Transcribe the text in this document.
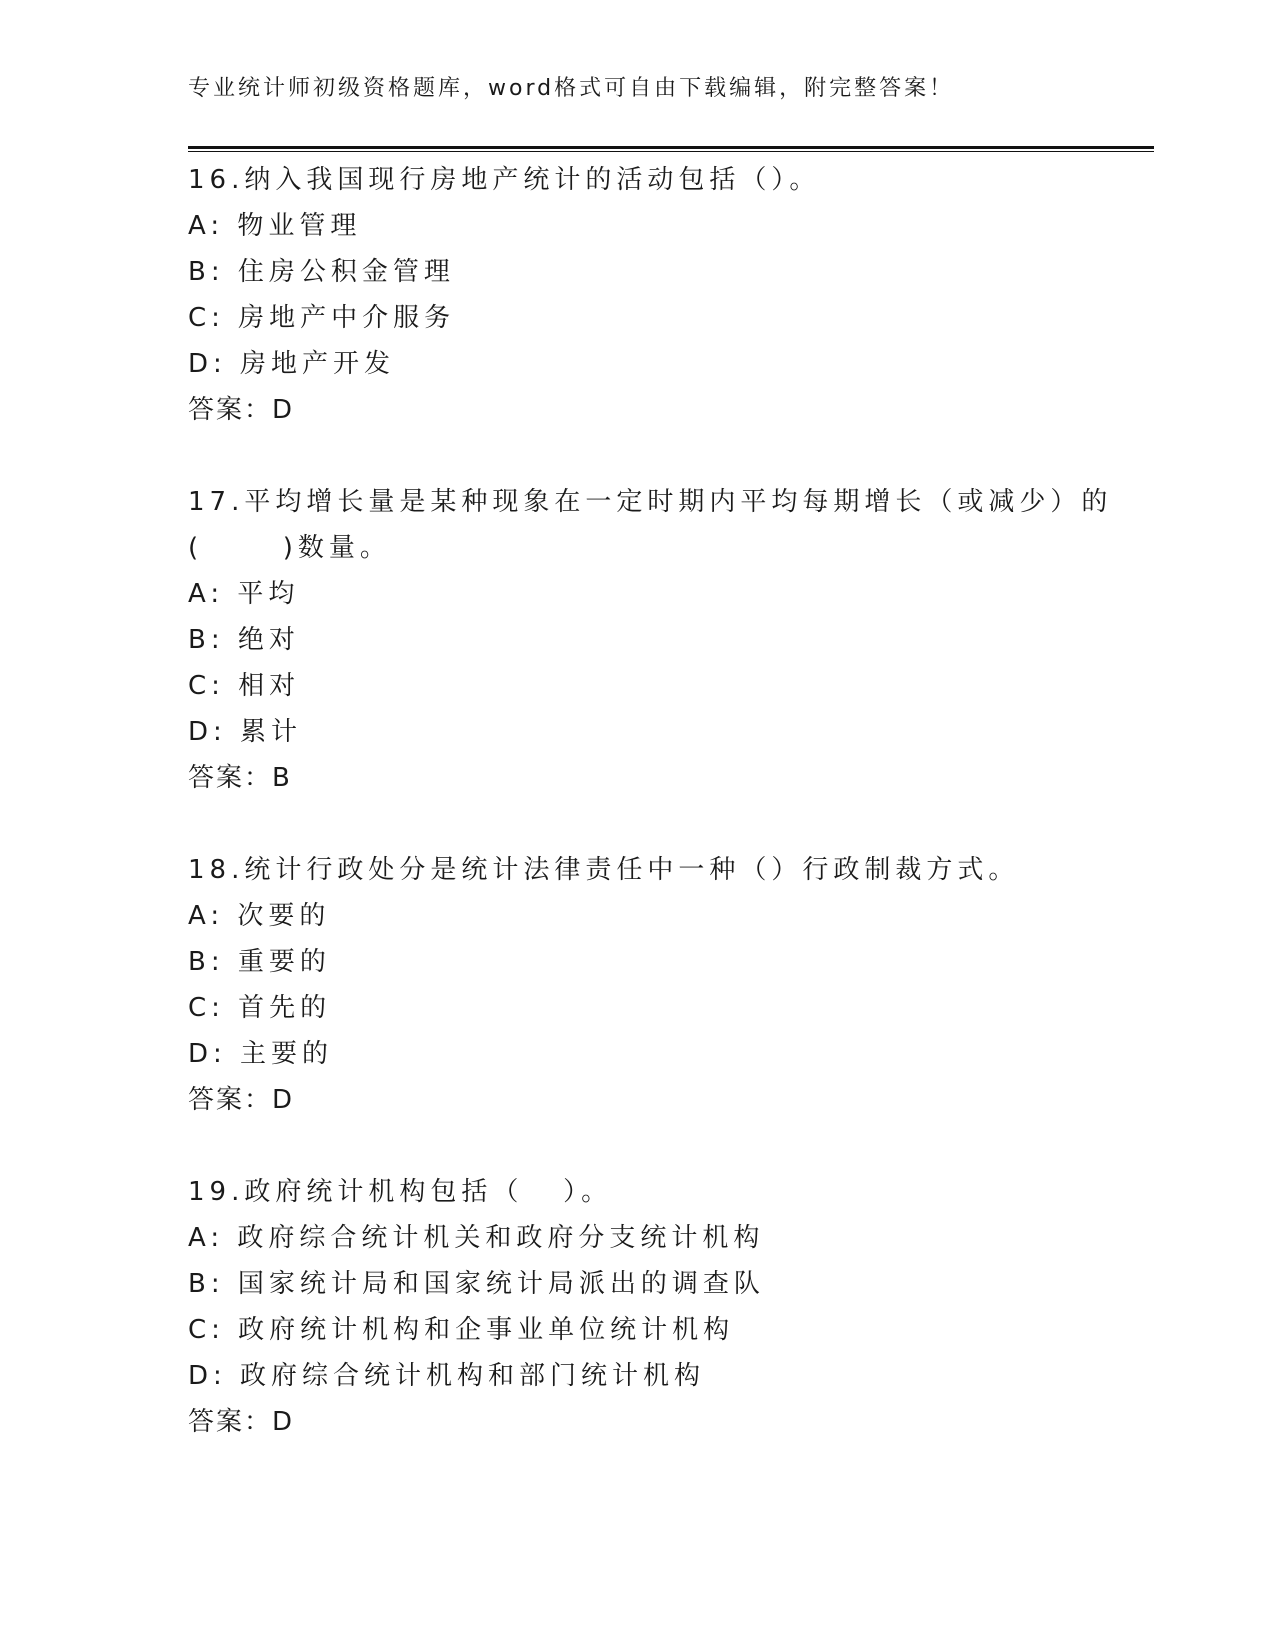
专业统计师初级资格题库，word格式可自由下载编辑，附完整答案！
16.纳入我国现行房地产统计的活动包括（）。
A: 物业管理
B: 住房公积金管理
C: 房地产中介服务
D: 房地产开发
答案：D
17.平均增长量是某种现象在一定时期内平均每期增长（或减少）的
(      )数量。
A: 平均
B: 绝对
C: 相对
D: 累计
答案：B
18.统计行政处分是统计法律责任中一种（）行政制裁方式。
A: 次要的
B: 重要的
C: 首先的
D: 主要的
答案：D
19.政府统计机构包括（   ）。
A: 政府综合统计机关和政府分支统计机构
B: 国家统计局和国家统计局派出的调查队
C: 政府统计机构和企事业单位统计机构
D: 政府综合统计机构和部门统计机构
答案：D
